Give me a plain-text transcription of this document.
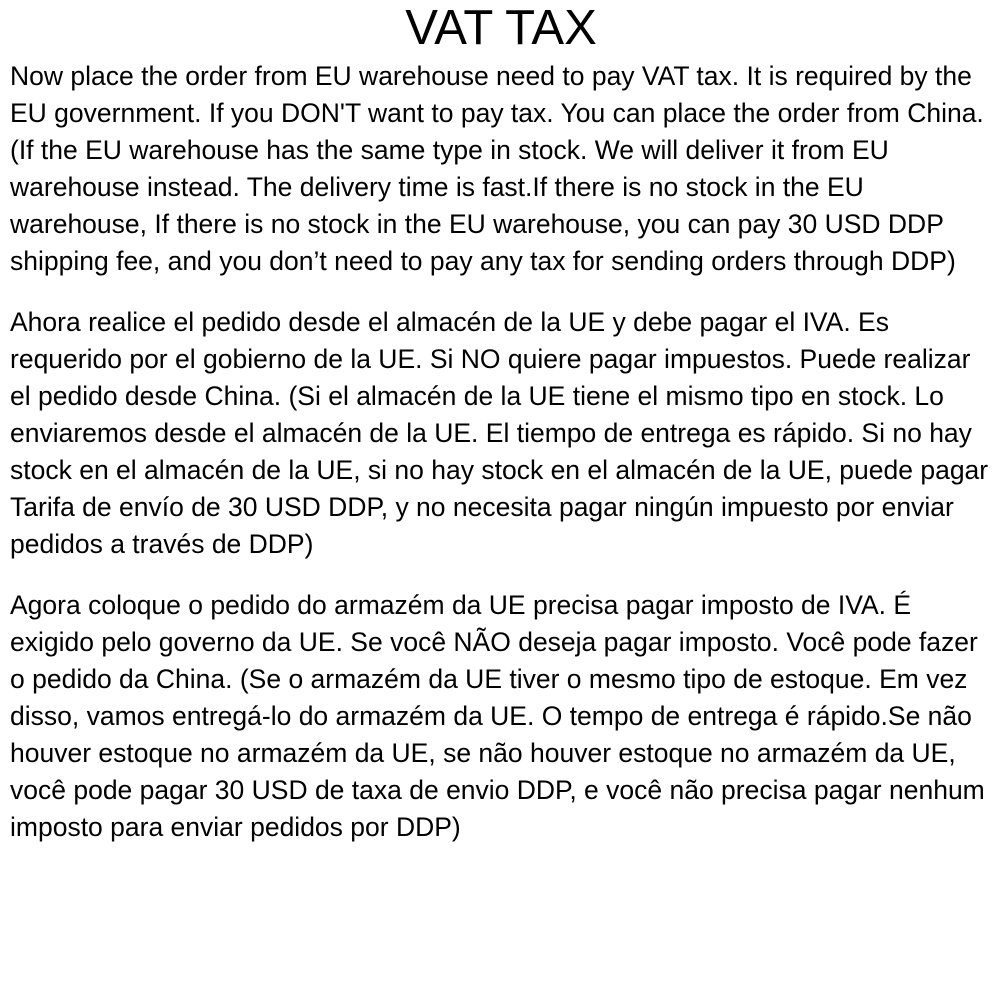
VAT TAX

Now place the order from EU warehouse need to pay VAT tax. It is required by the EU government. If you DON'T want to pay tax. You can place the order from China. (If the EU warehouse has the same type in stock. We will deliver it from EU warehouse instead. The delivery time is fast.If there is no stock in the EU warehouse, If there is no stock in the EU warehouse, you can pay 30 USD DDP shipping fee, and you don’t need to pay any tax for sending orders through DDP)

Ahora realice el pedido desde el almacén de la UE y debe pagar el IVA. Es requerido por el gobierno de la UE. Si NO quiere pagar impuestos. Puede realizar el pedido desde China. (Si el almacén de la UE tiene el mismo tipo en stock. Lo enviaremos desde el almacén de la UE. El tiempo de entrega es rápido. Si no hay stock en el almacén de la UE, si no hay stock en el almacén de la UE, puede pagar Tarifa de envío de 30 USD DDP, y no necesita pagar ningún impuesto por enviar pedidos a través de DDP)

Agora coloque o pedido do armazém da UE precisa pagar imposto de IVA. É exigido pelo governo da UE. Se você NÃO deseja pagar imposto. Você pode fazer o pedido da China. (Se o armazém da UE tiver o mesmo tipo de estoque. Em vez disso, vamos entregá-lo do armazém da UE. O tempo de entrega é rápido.Se não houver estoque no armazém da UE, se não houver estoque no armazém da UE, você pode pagar 30 USD de taxa de envio DDP, e você não precisa pagar nenhum imposto para enviar pedidos por DDP)
